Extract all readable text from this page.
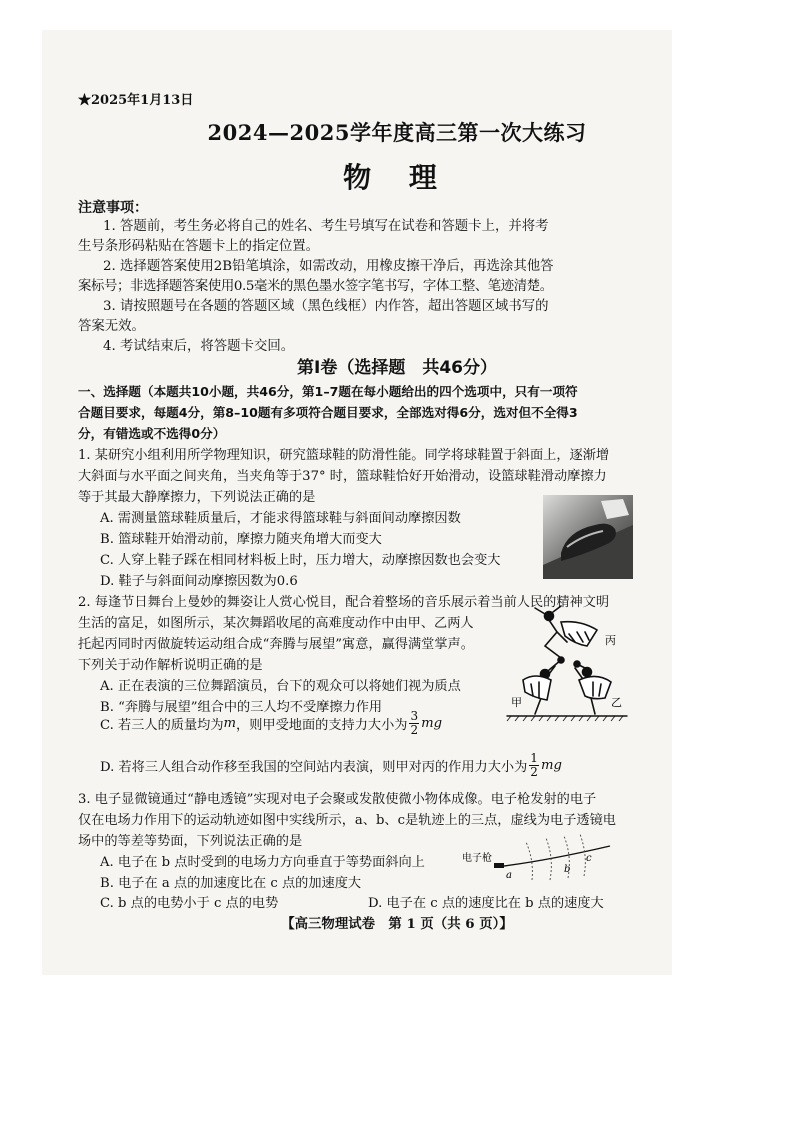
★2025年1月13日
2024—2025学年度高三第一次大练习
物 理
注意事项：
1. 答题前，考生务必将自己的姓名、考生号填写在试卷和答题卡上，并将考
生号条形码粘贴在答题卡上的指定位置。
2. 选择题答案使用2B铅笔填涂，如需改动，用橡皮擦干净后，再选涂其他答
案标号；非选择题答案使用0.5毫米的黑色墨水签字笔书写，字体工整、笔迹清楚。
3. 请按照题号在各题的答题区域（黑色线框）内作答，超出答题区域书写的
答案无效。
4. 考试结束后，将答题卡交回。
第Ⅰ卷（选择题　共46分）
一、选择题（本题共10小题，共46分，第1–7题在每小题给出的四个选项中，只有一项符
合题目要求，每题4分，第8–10题有多项符合题目要求，全部选对得6分，选对但不全得3
分，有错选或不选得0分）
1. 某研究小组利用所学物理知识，研究篮球鞋的防滑性能。同学将球鞋置于斜面上，逐渐增
大斜面与水平面之间夹角，当夹角等于37° 时，篮球鞋恰好开始滑动，设篮球鞋滑动摩擦力
等于其最大静摩擦力，下列说法正确的是
A. 需测量篮球鞋质量后，才能求得篮球鞋与斜面间动摩擦因数
B. 篮球鞋开始滑动前，摩擦力随夹角增大而变大
C. 人穿上鞋子踩在相同材料板上时，压力增大，动摩擦因数也会变大
D. 鞋子与斜面间动摩擦因数为0.6
2. 每逢节日舞台上曼妙的舞姿让人赏心悦目，配合着整场的音乐展示着当前人民的精神文明
生活的富足，如图所示，某次舞蹈收尾的高难度动作中由甲、乙两人
托起丙同时丙做旋转运动组合成“奔腾与展望”寓意，赢得满堂掌声。
下列关于动作解析说明正确的是
A. 正在表演的三位舞蹈演员，台下的观众可以将她们视为质点
B. “奔腾与展望”组合中的三人均不受摩擦力作用
C. 若三人的质量均为 m ，则甲受地面的支持力大小为 $\frac{3}{2}$ mg
D. 若将三人组合动作移至我国的空间站内表演，则甲对丙的作用力大小为 $\frac{1}{2}$ mg
丙
甲	乙
3. 电子显微镜通过“静电透镜”实现对电子会聚或发散使微小物体成像。电子枪发射的电子
仅在电场力作用下的运动轨迹如图中实线所示，a、b、c是轨迹上的三点，虚线为电子透镜电
场中的等差等势面，下列说法正确的是
A. 电子在 b 点时受到的电场力方向垂直于等势面斜向上
B. 电子在 a 点的加速度比在 c 点的加速度大
C. b 点的电势小于 c 点的电势	D. 电子在 c 点的速度比在 b 点的速度大
电子枪
a
b
c
【高三物理试卷　第 1 页（共 6 页）】
